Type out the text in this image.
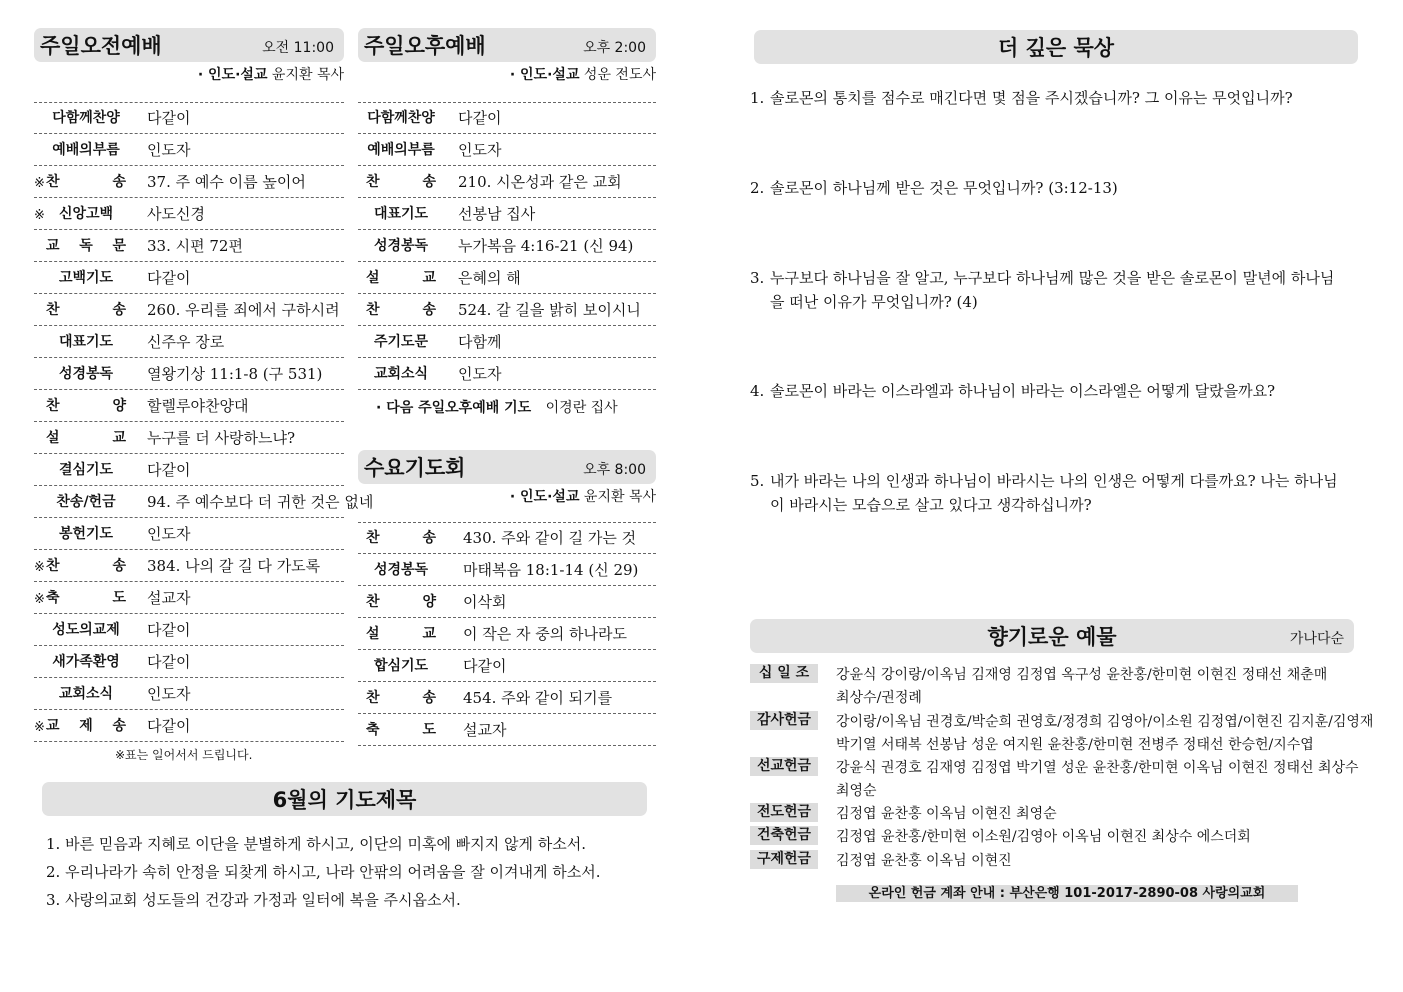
주일오전예배	오전 11:00
· 인도·설교 윤지환 목사
다함께찬양	다같이
예배의부름	인도자
※ 찬 송 37. 주 예수 이름 높이어
※	신앙고백	사도신경
교 독 문 33. 시편 72편
고백기도	다같이
찬 송 260. 우리를 죄에서 구하시려
대표기도	신주우 장로
성경봉독	열왕기상 11:1-8 (구 531)
찬 양 할렐루야찬양대
설 교 누구를 더 사랑하느냐?
결심기도	다같이
찬송/헌금	94. 주 예수보다 더 귀한 것은 없네
봉헌기도	인도자
※ 찬 송 384. 나의 갈 길 다 가도록
※ 축 도 설교자
성도의교제	다같이
새가족환영	다같이
교회소식	인도자
※ 교 제 송 다같이
※표는 일어서서 드립니다.
주일오후예배	오후 2:00
· 인도·설교 성운 전도사
다함께찬양 다같이
예배의부름 인도자
찬 송 210. 시온성과 같은 교회
대표기도	선봉남 집사
성경봉독	누가복음 4:16-21 (신 94)
설 교 은혜의 해
찬 송 524. 갈 길을 밝히 보이시니
주기도문	다함께
교회소식	인도자
· 다음 주일오후예배 기도 이경란 집사
수요기도회	오후 8:00
· 인도·설교 윤지환 목사
찬 송 430. 주와 같이 길 가는 것
성경봉독	마태복음 18:1-14 (신 29)
찬 양 이삭회
설 교 이 작은 자 중의 하나라도
합심기도	다같이
찬 송 454. 주와 같이 되기를
축 도 설교자
6월의 기도제목
1. 바른 믿음과 지혜로 이단을 분별하게 하시고, 이단의 미혹에 빠지지 않게 하소서.
2. 우리나라가 속히 안정을 되찾게 하시고, 나라 안팎의 어려움을 잘 이겨내게 하소서.
3. 사랑의교회 성도들의 건강과 가정과 일터에 복을 주시옵소서.
더 깊은 묵상
1. 솔로몬의 통치를 점수로 매긴다면 몇 점을 주시겠습니까? 그 이유는 무엇입니까?
2. 솔로몬이 하나님께 받은 것은 무엇입니까? (3:12-13)
3. 누구보다 하나님을 잘 알고, 누구보다 하나님께 많은 것을 받은 솔로몬이 말년에 하나님
을 떠난 이유가 무엇입니까? (4)
4. 솔로몬이 바라는 이스라엘과 하나님이 바라는 이스라엘은 어떻게 달랐을까요?
5. 내가 바라는 나의 인생과 하나님이 바라시는 나의 인생은 어떻게 다를까요? 나는 하나님
이 바라시는 모습으로 살고 있다고 생각하십니까?
향기로운 예물	가나다순
십 일 조	강윤식 강이랑/이옥님 김재영 김정엽 옥구성 윤찬홍/한미현 이현진 정태선 채춘매
최상수/권정례
감사헌금	강이랑/이옥님 권경호/박순희 권영호/정경희 김영아/이소원 김정엽/이현진 김지훈/김영재
박기열 서태복 선봉남 성운 여지원 윤찬홍/한미현 전병주 정태선 한승헌/지수엽
선교헌금	강윤식 권경호 김재영 김정엽 박기열 성운 윤찬홍/한미현 이옥님 이현진 정태선 최상수
최영순
전도헌금	김정엽 윤찬홍 이옥님 이현진 최영순
건축헌금	김정엽 윤찬홍/한미현 이소원/김영아 이옥님 이현진 최상수 에스더회
구제헌금	김정엽 윤찬홍 이옥님 이현진
온라인 헌금 계좌 안내 : 부산은행 101-2017-2890-08 사랑의교회
